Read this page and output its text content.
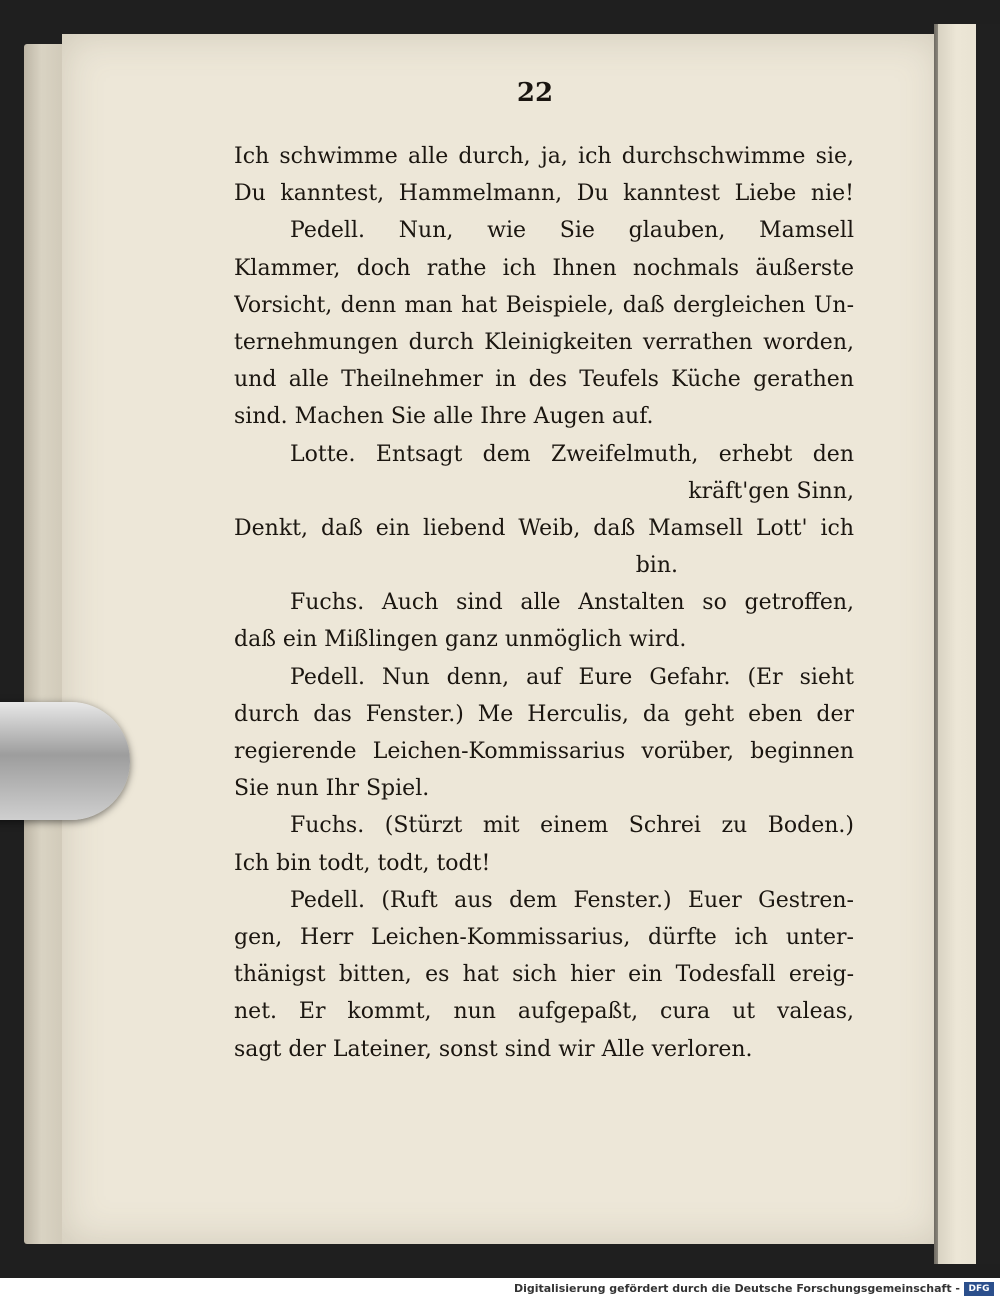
22
Ich schwimme alle durch, ja, ich durchschwimme sie,
Du kanntest, Hammelmann, Du kanntest Liebe nie!
Pedell. Nun, wie Sie glauben, Mamsell
Klammer, doch rathe ich Ihnen nochmals äußerste
Vorsicht, denn man hat Beispiele, daß dergleichen Un-
ternehmungen durch Kleinigkeiten verrathen worden,
und alle Theilnehmer in des Teufels Küche gerathen
sind. Machen Sie alle Ihre Augen auf.
Lotte. Entsagt dem Zweifelmuth, erhebt den
kräft'gen Sinn,
Denkt, daß ein liebend Weib, daß Mamsell Lott' ich
bin.
Fuchs. Auch sind alle Anstalten so getroffen,
daß ein Mißlingen ganz unmöglich wird.
Pedell. Nun denn, auf Eure Gefahr. (Er sieht
durch das Fenster.) Me Herculis, da geht eben der
regierende Leichen-Kommissarius vorüber, beginnen
Sie nun Ihr Spiel.
Fuchs. (Stürzt mit einem Schrei zu Boden.)
Ich bin todt, todt, todt!
Pedell. (Ruft aus dem Fenster.) Euer Gestren-
gen, Herr Leichen-Kommissarius, dürfte ich unter-
thänigst bitten, es hat sich hier ein Todesfall ereig-
net. Er kommt, nun aufgepaßt, cura ut valeas,
sagt der Lateiner, sonst sind wir Alle verloren.
Digitalisierung gefördert durch die Deutsche Forschungsgemeinschaft - DFG
